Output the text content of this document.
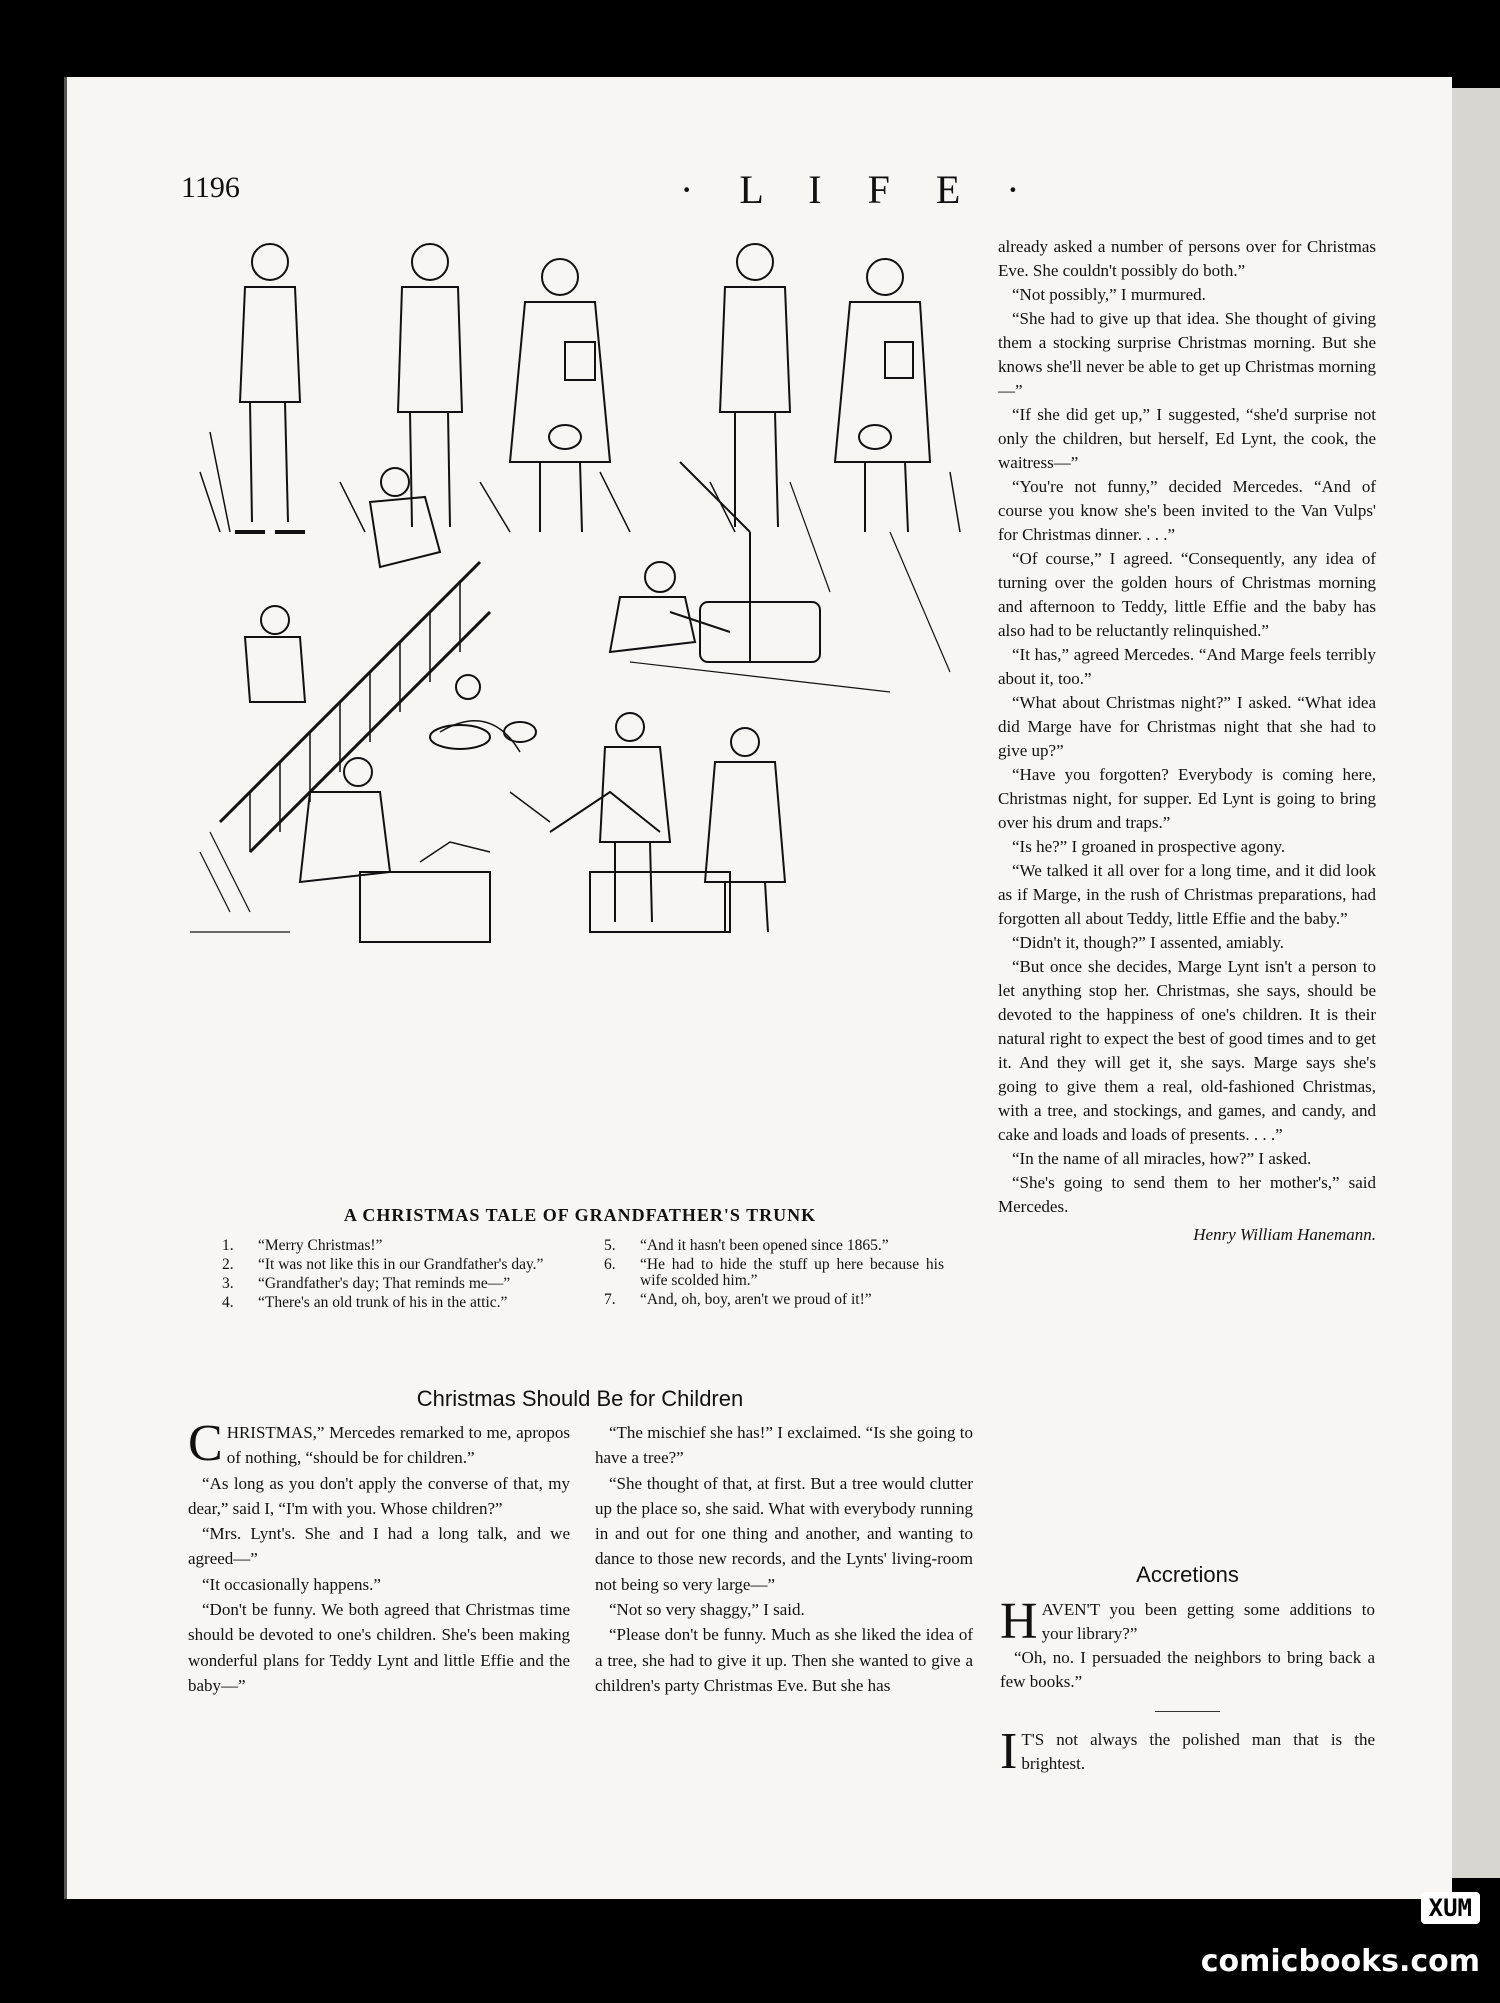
1196	· L I F E ·
A CHRISTMAS TALE OF GRANDFATHER'S TRUNK
1.	“Merry Christmas!”
2.	“It was not like this in our Grandfather's day.”
3.	“Grandfather's day; That reminds me—”
4.	“There's an old trunk of his in the attic.”
5.	“And it hasn't been opened since 1865.”
6.	“He had to hide the stuff up here because his wife scolded him.”
7.	“And, oh, boy, aren't we proud of it!”
Christmas Should Be for Children

CHRISTMAS,” Mercedes remarked to me, apropos of nothing, “should be for children.”

“As long as you don't apply the converse of that, my dear,” said I, “I'm with you. Whose children?”

“Mrs. Lynt's. She and I had a long talk, and we agreed—”

“It occasionally happens.”

“Don't be funny. We both agreed that Christmas time should be devoted to one's children. She's been making wonderful plans for Teddy Lynt and little Effie and the baby—”

“The mischief she has!” I exclaimed. “Is she going to have a tree?”

“She thought of that, at first. But a tree would clutter up the place so, she said. What with everybody running in and out for one thing and another, and wanting to dance to those new records, and the Lynts' living-room not being so very large—”

“Not so very shaggy,” I said.

“Please don't be funny. Much as she liked the idea of a tree, she had to give it up. Then she wanted to give a children's party Christmas Eve. But she has

already asked a number of persons over for Christmas Eve. She couldn't possibly do both.”

“Not possibly,” I murmured.

“She had to give up that idea. She thought of giving them a stocking surprise Christmas morning. But she knows she'll never be able to get up Christmas morning—”

“If she did get up,” I suggested, “she'd surprise not only the children, but herself, Ed Lynt, the cook, the waitress—”

“You're not funny,” decided Mercedes. “And of course you know she's been invited to the Van Vulps' for Christmas dinner. . . .”

“Of course,” I agreed. “Consequently, any idea of turning over the golden hours of Christmas morning and afternoon to Teddy, little Effie and the baby has also had to be reluctantly relinquished.”

“It has,” agreed Mercedes. “And Marge feels terribly about it, too.”

“What about Christmas night?” I asked. “What idea did Marge have for Christmas night that she had to give up?”

“Have you forgotten? Everybody is coming here, Christmas night, for supper. Ed Lynt is going to bring over his drum and traps.”

“Is he?” I groaned in prospective agony.

“We talked it all over for a long time, and it did look as if Marge, in the rush of Christmas preparations, had forgotten all about Teddy, little Effie and the baby.”

“Didn't it, though?” I assented, amiably.

“But once she decides, Marge Lynt isn't a person to let anything stop her. Christmas, she says, should be devoted to the happiness of one's children. It is their natural right to expect the best of good times and to get it. And they will get it, she says. Marge says she's going to give them a real, old-fashioned Christmas, with a tree, and stockings, and games, and candy, and cake and loads and loads of presents. . . .”

“In the name of all miracles, how?” I asked.

“She's going to send them to her mother's,” said Mercedes.

Henry William Hanemann.

Accretions

HAVEN'T you been getting some additions to your library?”

“Oh, no. I persuaded the neighbors to bring back a few books.”

I T'S not always the polished man that is the brightest.

XUM
comicbooks.com
